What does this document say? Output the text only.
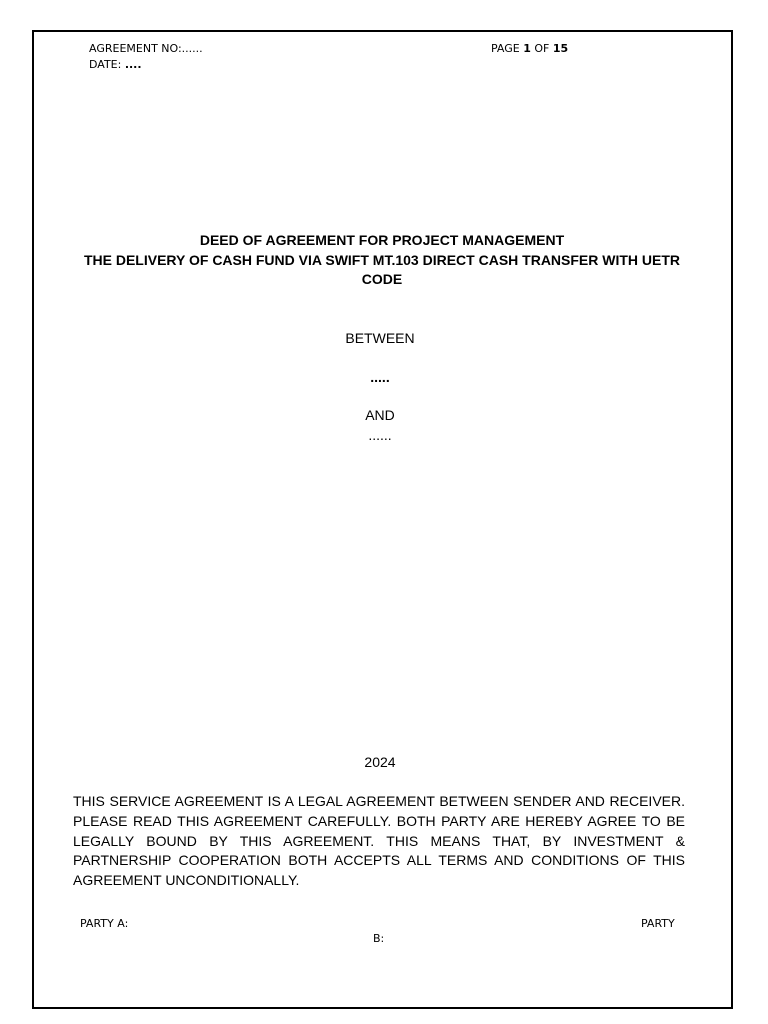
AGREEMENT NO:......
DATE: ....
PAGE 1 OF 15
DEED OF AGREEMENT FOR PROJECT MANAGEMENT
THE DELIVERY OF CASH FUND VIA SWIFT MT.103 DIRECT CASH TRANSFER WITH UETR
CODE
BETWEEN
.....
AND
......
2024
THIS SERVICE AGREEMENT IS A LEGAL AGREEMENT BETWEEN SENDER AND RECEIVER. PLEASE READ THIS AGREEMENT CAREFULLY. BOTH PARTY ARE HEREBY AGREE TO BE LEGALLY BOUND BY THIS AGREEMENT. THIS MEANS THAT, BY INVESTMENT & PARTNERSHIP COOPERATION BOTH ACCEPTS ALL TERMS AND CONDITIONS OF THIS AGREEMENT UNCONDITIONALLY.
PARTY A:	PARTY
B:
